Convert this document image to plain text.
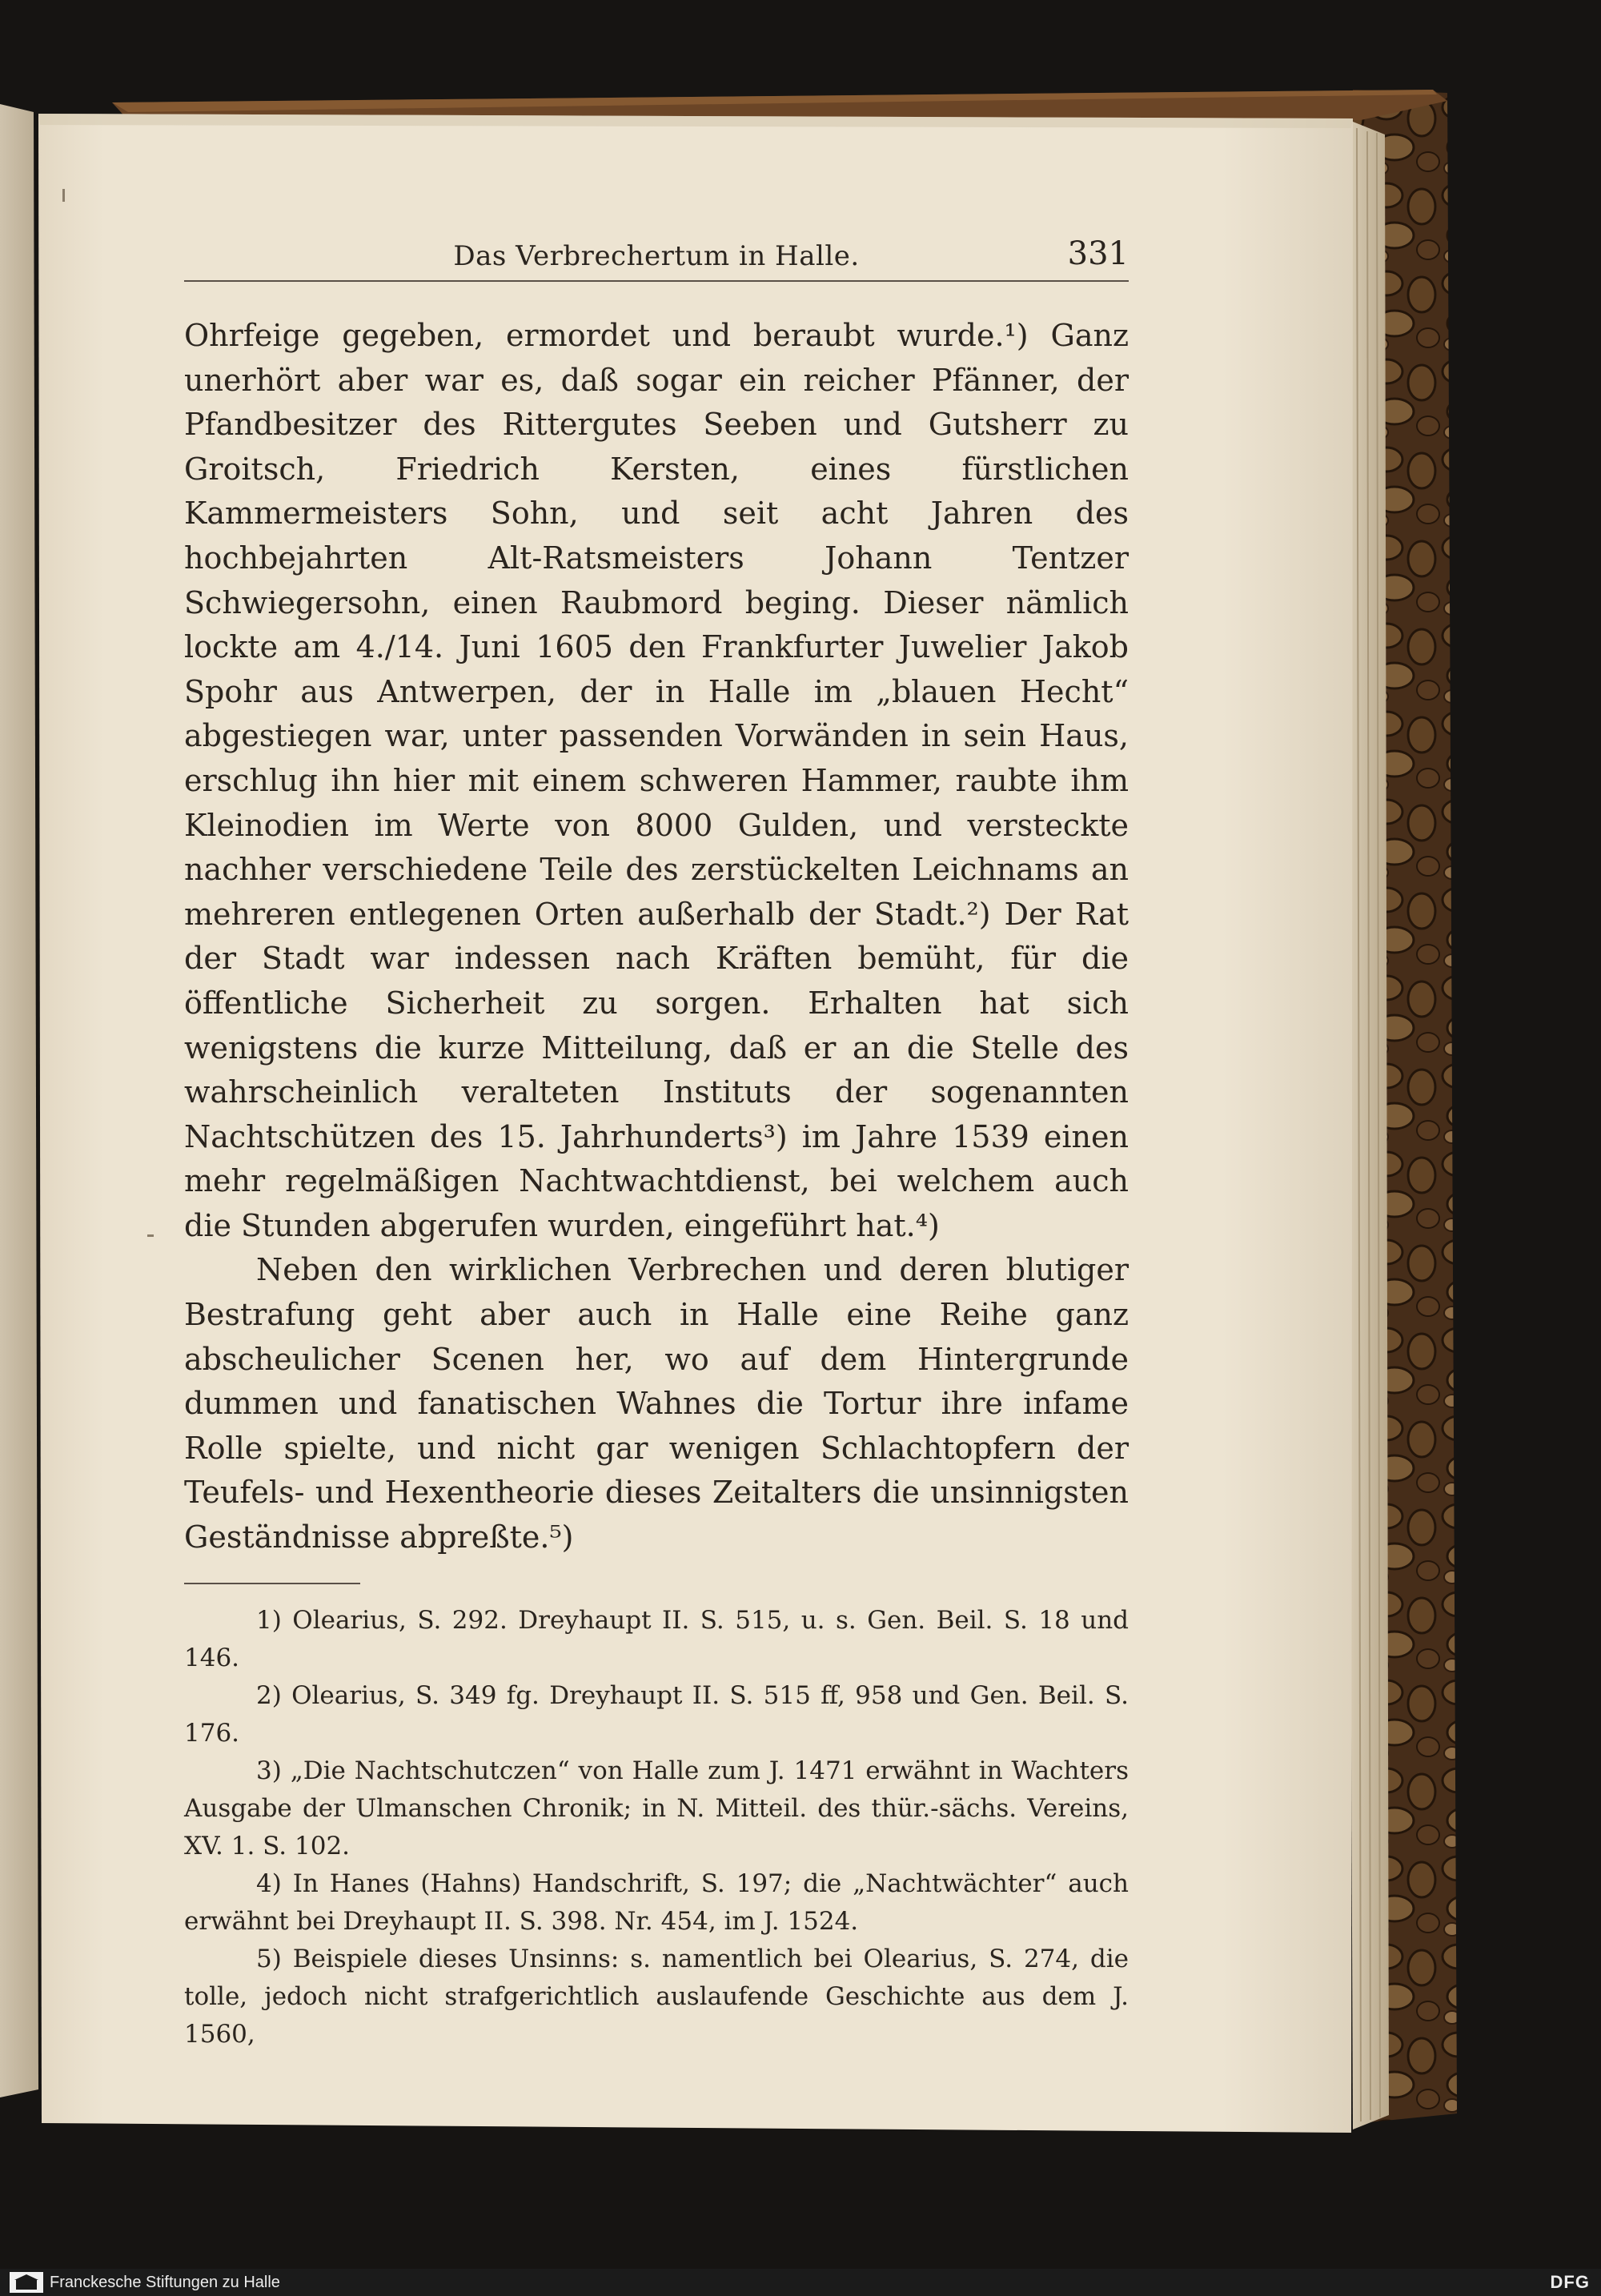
Das Verbrechertum in Halle.	331

Ohrfeige gegeben, ermordet und beraubt wurde.¹) Ganz unerhört aber war es, daß sogar ein reicher Pfänner, der Pfandbesitzer des Rittergutes Seeben und Gutsherr zu Groitsch, Friedrich Kersten, eines fürstlichen Kammermeisters Sohn, und seit acht Jahren des hochbejahrten Alt-Ratsmeisters Johann Tentzer Schwiegersohn, einen Raubmord beging. Dieser nämlich lockte am 4./14. Juni 1605 den Frankfurter Juwelier Jakob Spohr aus Antwerpen, der in Halle im „blauen Hecht“ abgestiegen war, unter passenden Vorwänden in sein Haus, erschlug ihn hier mit einem schweren Hammer, raubte ihm Kleinodien im Werte von 8000 Gulden, und versteckte nachher verschiedene Teile des zerstückelten Leichnams an mehreren entlegenen Orten außerhalb der Stadt.²) Der Rat der Stadt war indessen nach Kräften bemüht, für die öffentliche Sicherheit zu sorgen. Erhalten hat sich wenigstens die kurze Mitteilung, daß er an die Stelle des wahrscheinlich veralteten Instituts der sogenannten Nachtschützen des 15. Jahrhunderts³) im Jahre 1539 einen mehr regelmäßigen Nachtwachtdienst, bei welchem auch die Stunden abgerufen wurden, eingeführt hat.⁴)

Neben den wirklichen Verbrechen und deren blutiger Bestrafung geht aber auch in Halle eine Reihe ganz abscheulicher Scenen her, wo auf dem Hintergrunde dummen und fanatischen Wahnes die Tortur ihre infame Rolle spielte, und nicht gar wenigen Schlachtopfern der Teufels- und Hexentheorie dieses Zeitalters die unsinnigsten Geständnisse abpreßte.⁵)

1) Olearius, S. 292. Dreyhaupt II. S. 515, u. s. Gen. Beil. S. 18 und 146.

2) Olearius, S. 349 fg. Dreyhaupt II. S. 515 ff, 958 und Gen. Beil. S. 176.

3) „Die Nachtschutczen“ von Halle zum J. 1471 erwähnt in Wachters Ausgabe der Ulmanschen Chronik; in N. Mitteil. des thür.-sächs. Vereins, XV. 1. S. 102.

4) In Hanes (Hahns) Handschrift, S. 197; die „Nachtwächter“ auch erwähnt bei Dreyhaupt II. S. 398. Nr. 454, im J. 1524.

5) Beispiele dieses Unsinns: s. namentlich bei Olearius, S. 274, die tolle, jedoch nicht strafgerichtlich auslaufende Geschichte aus dem J. 1560,

Franckesche Stiftungen zu Halle	DFG
